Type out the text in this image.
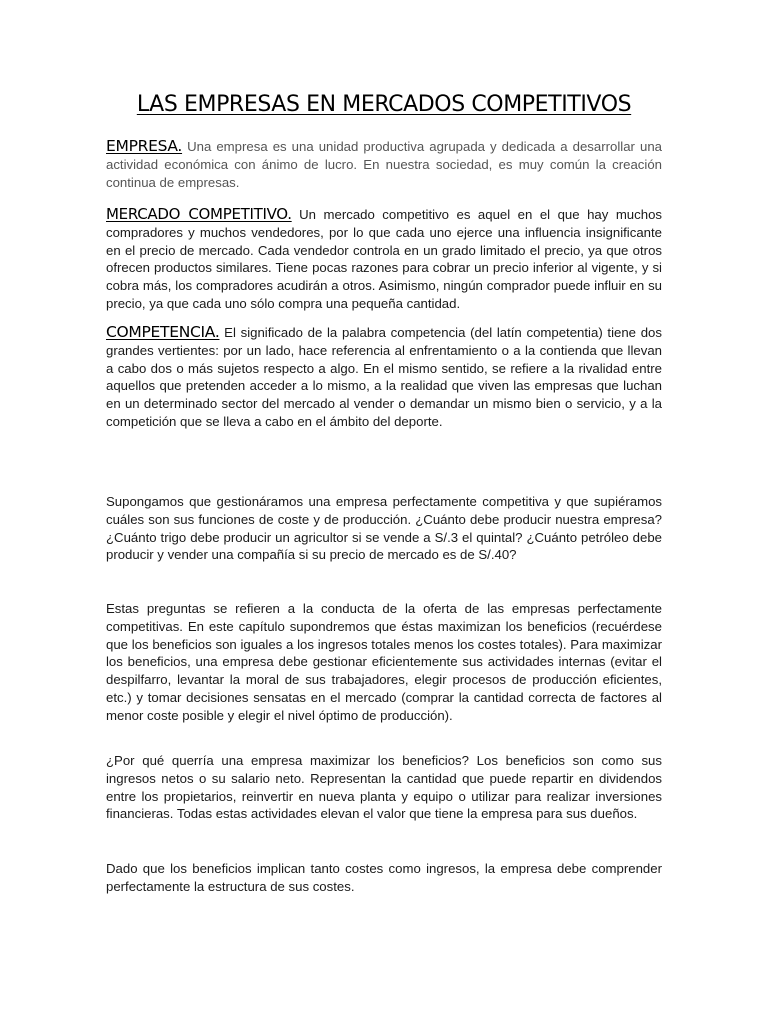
LAS EMPRESAS EN MERCADOS COMPETITIVOS

EMPRESA. Una empresa es una unidad productiva agrupada y dedicada a desarrollar una actividad económica con ánimo de lucro. En nuestra sociedad, es muy común la creación continua de empresas.

MERCADO COMPETITIVO. Un mercado competitivo es aquel en el que hay muchos compradores y muchos vendedores, por lo que cada uno ejerce una influencia insignificante en el precio de mercado. Cada vendedor controla en un grado limitado el precio, ya que otros ofrecen productos similares. Tiene pocas razones para cobrar un precio inferior al vigente, y si cobra más, los compradores acudirán a otros. Asimismo, ningún comprador puede influir en su precio, ya que cada uno sólo compra una pequeña cantidad.

COMPETENCIA. El significado de la palabra competencia (del latín competentia) tiene dos grandes vertientes: por un lado, hace referencia al enfrentamiento o a la contienda que llevan a cabo dos o más sujetos respecto a algo. En el mismo sentido, se refiere a la rivalidad entre aquellos que pretenden acceder a lo mismo, a la realidad que viven las empresas que luchan en un determinado sector del mercado al vender o demandar un mismo bien o servicio, y a la competición que se lleva a cabo en el ámbito del deporte.

Supongamos que gestionáramos una empresa perfectamente competitiva y que supiéramos cuáles son sus funciones de coste y de producción. ¿Cuánto debe producir nuestra empresa? ¿Cuánto trigo debe producir un agricultor si se vende a S/.3 el quintal? ¿Cuánto petróleo debe producir y vender una compañía si su precio de mercado es de S/.40?

Estas preguntas se refieren a la conducta de la oferta de las empresas perfectamente competitivas. En este capítulo supondremos que éstas maximizan los beneficios (recuérdese que los beneficios son iguales a los ingresos totales menos los costes totales). Para maximizar los beneficios, una empresa debe gestionar eficientemente sus actividades internas (evitar el despilfarro, levantar la moral de sus trabajadores, elegir procesos de producción eficientes, etc.) y tomar decisiones sensatas en el mercado (comprar la cantidad correcta de factores al menor coste posible y elegir el nivel óptimo de producción).

¿Por qué querría una empresa maximizar los beneficios? Los beneficios son como sus ingresos netos o su salario neto. Representan la cantidad que puede repartir en dividendos entre los propietarios, reinvertir en nueva planta y equipo o utilizar para realizar inversiones financieras. Todas estas actividades elevan el valor que tiene la empresa para sus dueños.

Dado que los beneficios implican tanto costes como ingresos, la empresa debe comprender perfectamente la estructura de sus costes.
